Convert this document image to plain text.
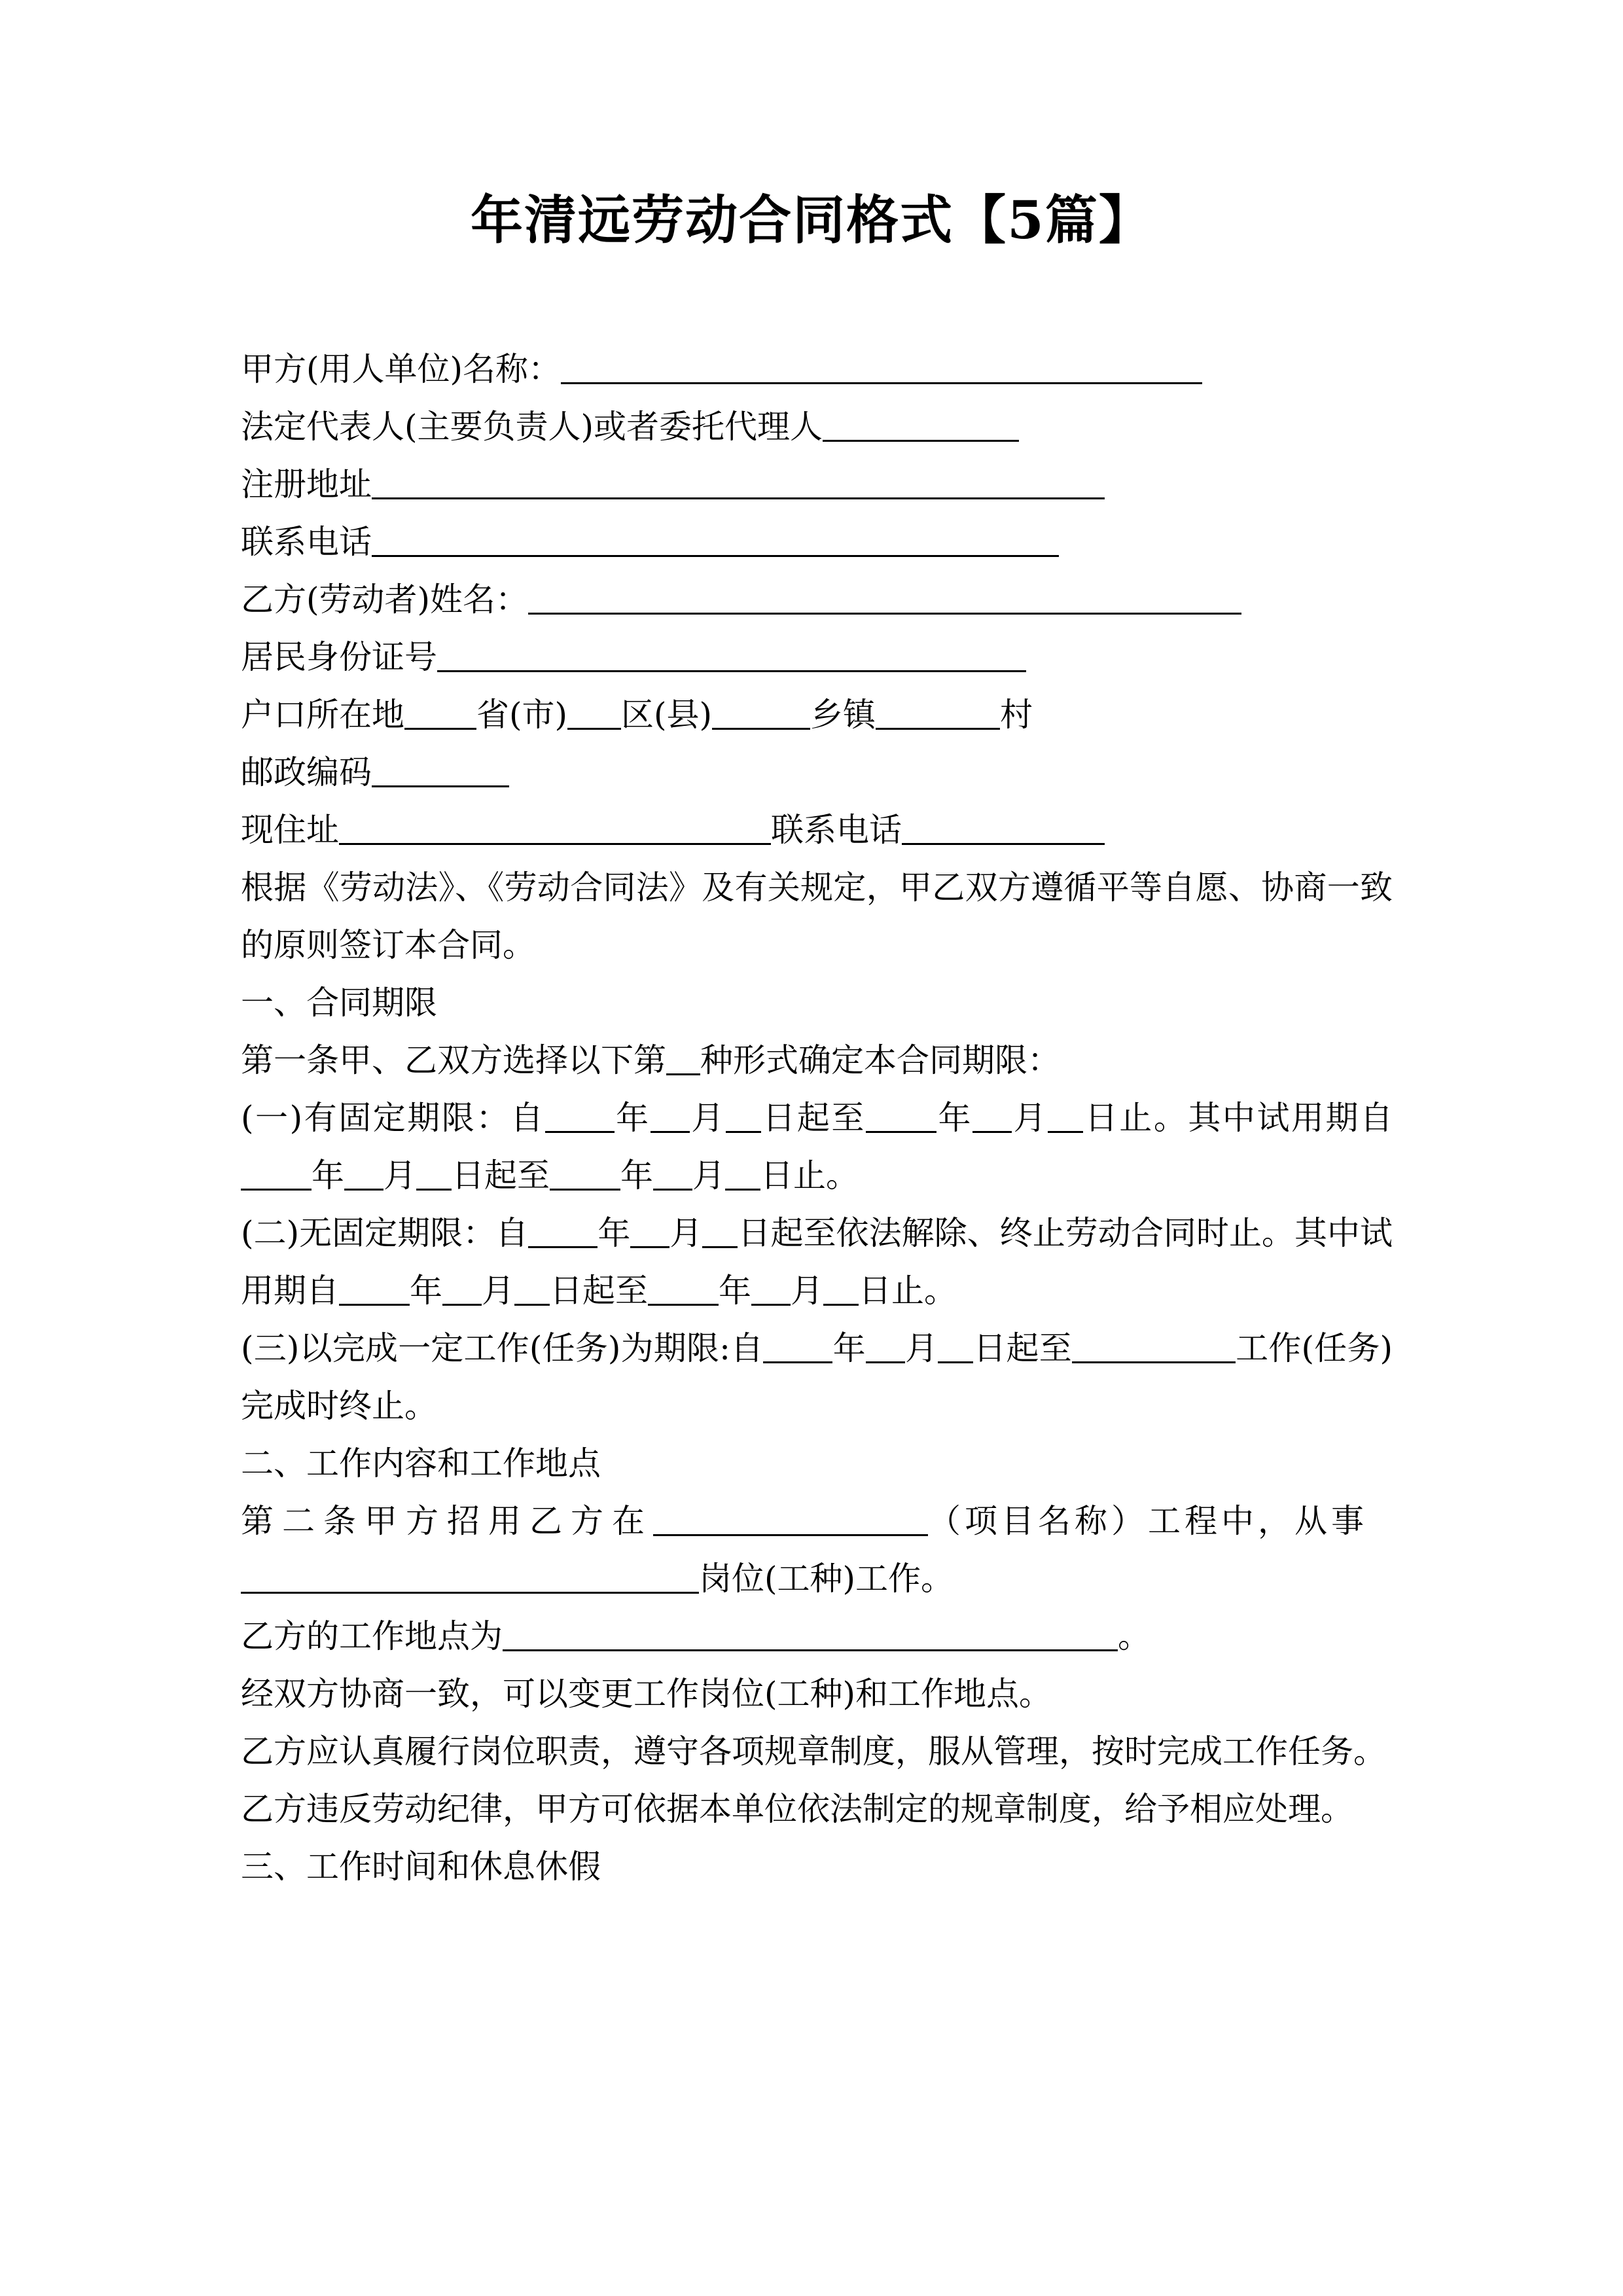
年清远劳动合同格式【5篇】
甲方(用人单位)名称：
法定代表人(主要负责人)或者委托代理人
注册地址
联系电话
乙方(劳动者)姓名：
居民身份证号
户口所在地 省(市) 区(县)	乡镇	村
邮政编码
现住址	联系电话
根据《劳动法》、《劳动合同法》及有关规定，甲乙双方遵循平等自愿、协商一致的原则签订本合同。
一、合同期限
第一条甲、乙双方选择以下第 种形式确定本合同期限：
(一)有固定期限：自 年 月 日起至 年 月 日止。其中试用期自年 月 日起至 年 月 日止。
(二)无固定期限：自 年 月 日起至依法解除、终止劳动合同时止。其中试用期自 年 月 日起至 年 月 日止。
(三)以完成一定工作(任务)为期限:自 年 月 日起至	工作(任务)完成时终止。
二、工作内容和工作地点
第二条甲方招用乙方在	（项目名称）工程中，从事
岗位(工种)工作。
乙方的工作地点为	。
经双方协商一致，可以变更工作岗位(工种)和工作地点。
乙方应认真履行岗位职责，遵守各项规章制度，服从管理，按时完成工作任务。
乙方违反劳动纪律，甲方可依据本单位依法制定的规章制度，给予相应处理。
三、工作时间和休息休假
